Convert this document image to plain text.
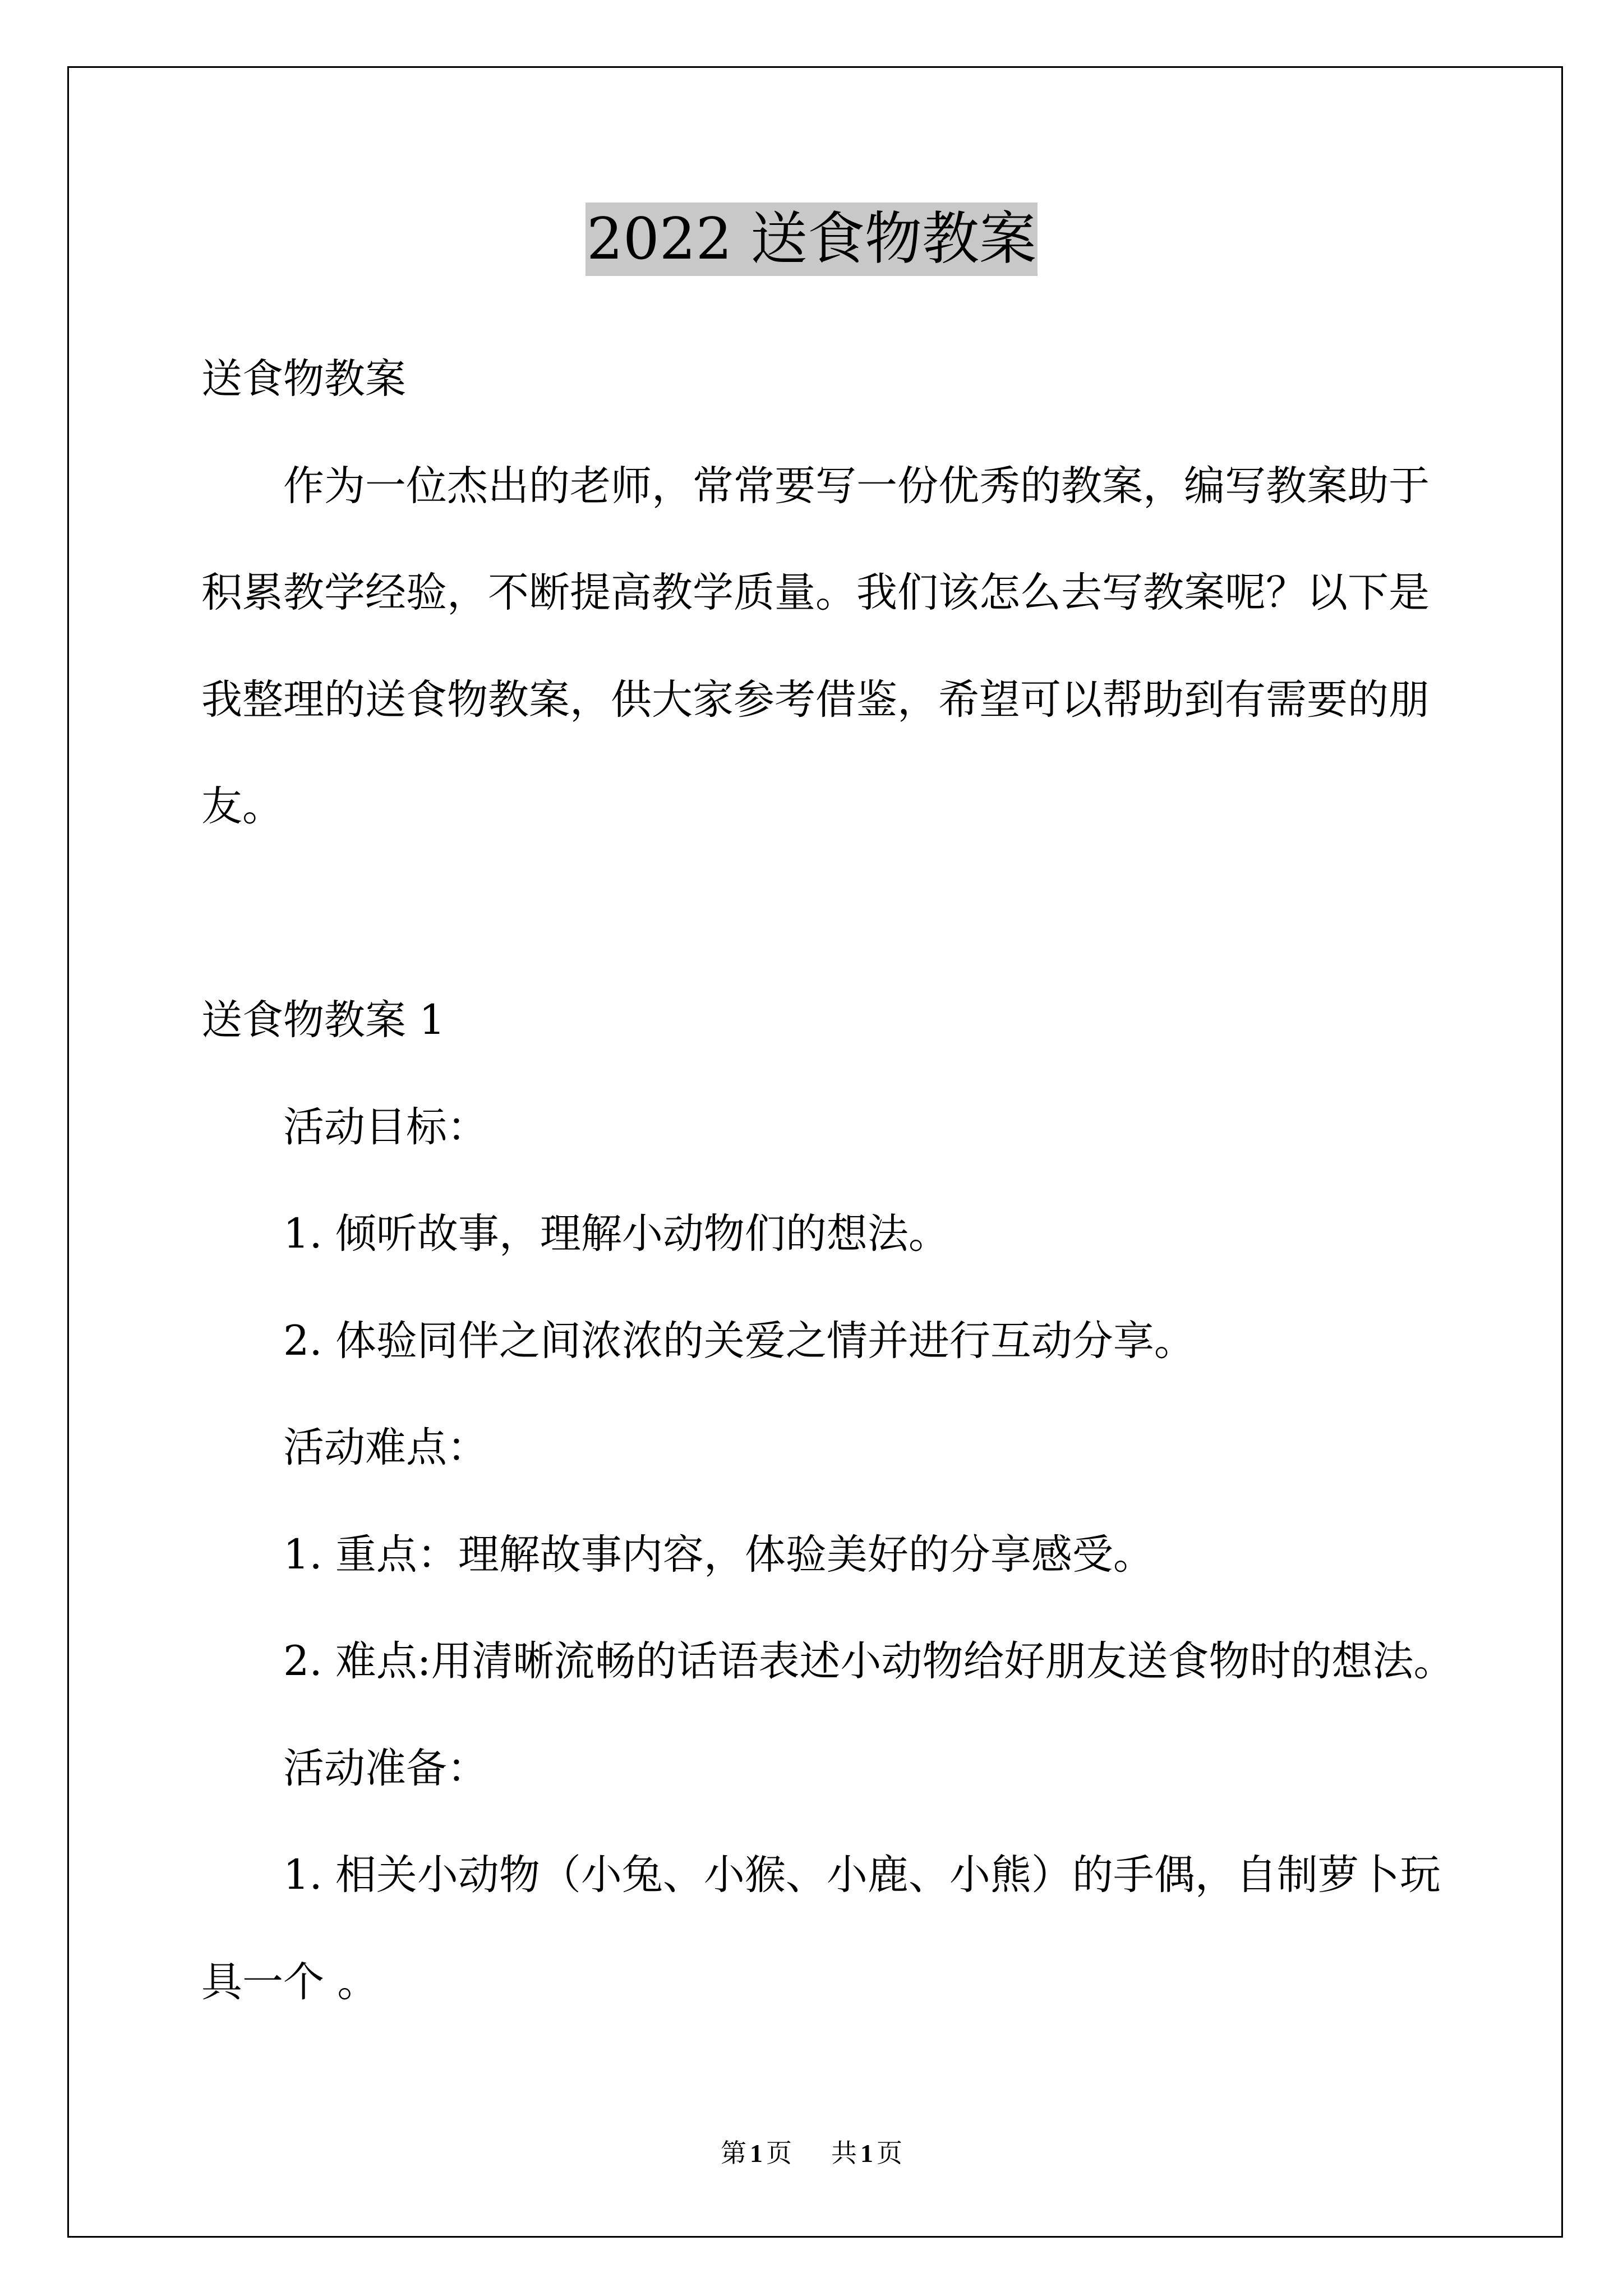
2022 送食物教案
送食物教案
作为一位杰出的老师，常常要写一份优秀的教案，编写教案助于
积累教学经验，不断提高教学质量。我们该怎么去写教案呢？以下是
我整理的送食物教案，供大家参考借鉴，希望可以帮助到有需要的朋
友。
送食物教案 1
活动目标：
1. 倾听故事，理解小动物们的想法。
2. 体验同伴之间浓浓的关爱之情并进行互动分享。
活动难点：
1. 重点：理解故事内容，体验美好的分享感受。
2. 难点:用清晰流畅的话语表述小动物给好朋友送食物时的想法。
活动准备：
1. 相关小动物（小兔、小猴、小鹿、小熊）的手偶，自制萝卜玩
具一个 。
第 1 页 共 1 页
